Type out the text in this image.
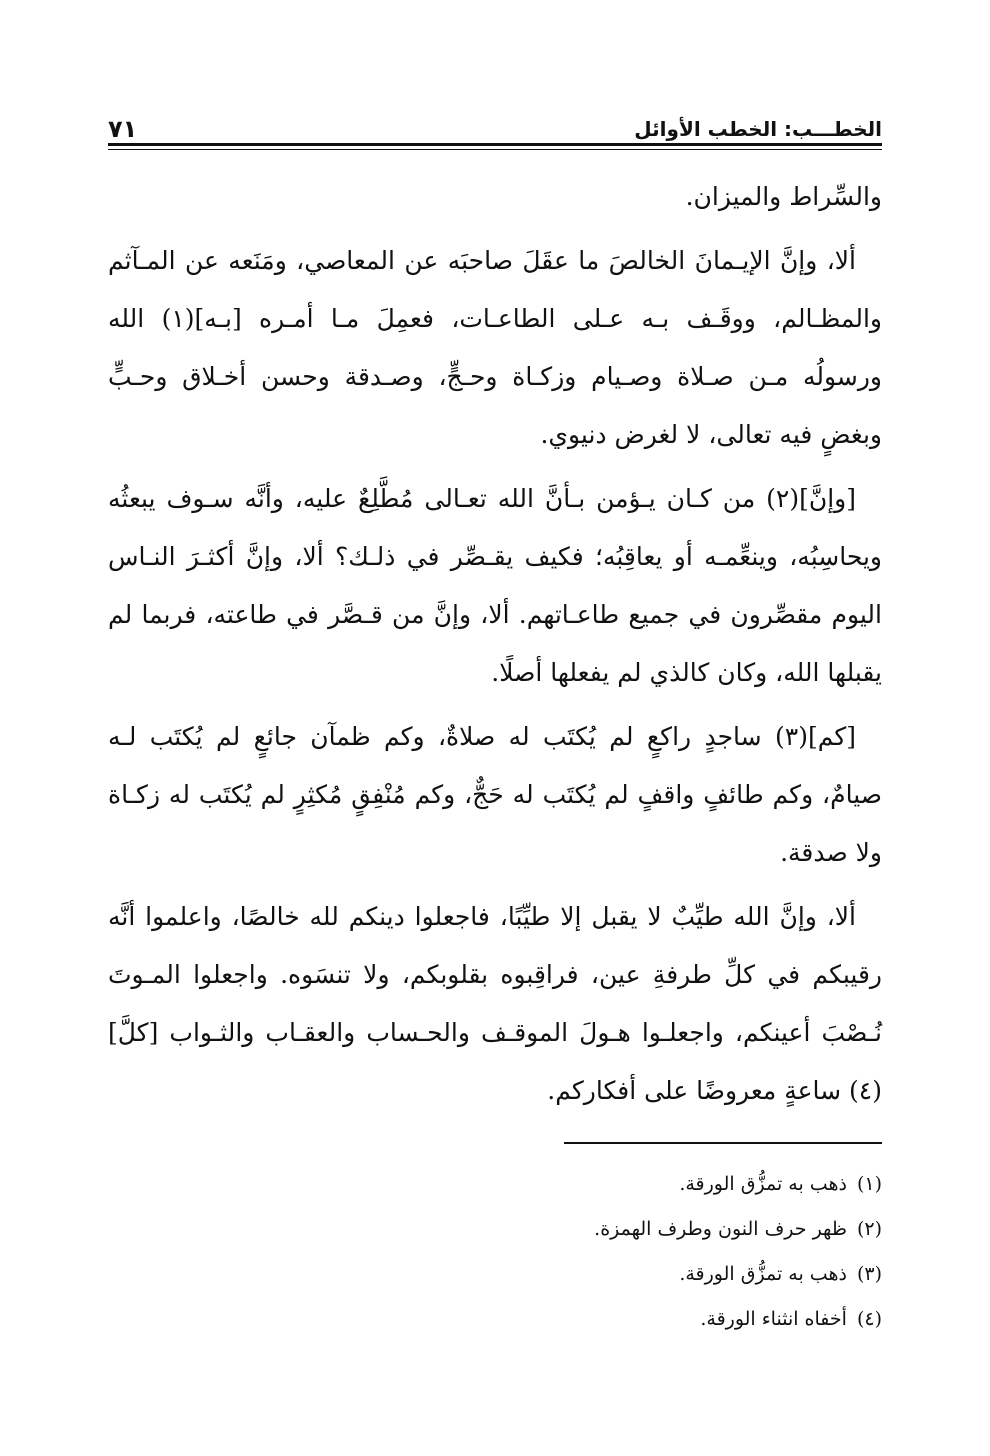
الخطـــب: الخطب الأوائل
٧١

والسِّراط والميزان.

ألا، وإنَّ الإيـمانَ الخالصَ ما عقَلَ صاحبَه عن المعاصي، ومَنَعه عن المـآثم والمظـالم، ووقَـف بـه عـلى الطاعـات، فعمِلَ مـا أمـره [بـه](١) الله ورسولُه مـن صـلاة وصـيام وزكـاة وحـجٍّ، وصـدقة وحسن أخـلاق وحـبٍّ وبغضٍ فيه تعالى، لا لغرض دنيوي.

[وإنَّ](٢) من كـان يـؤمن بـأنَّ الله تعـالى مُطَّلِعٌ عليه، وأنَّه سـوف يبعثُه ويحاسِبُه، وينعِّمـه أو يعاقِبُه؛ فكيف يقـصِّر في ذلـك؟ ألا، وإنَّ أكثـرَ النـاس اليوم مقصِّرون في جميع طاعـاتهم. ألا، وإنَّ من قـصَّر في طاعته، فربما لم يقبلها الله، وكان كالذي لم يفعلها أصلًا.

[كم](٣) ساجدٍ راكعٍ لم يُكتَب له صلاةٌ، وكم ظمآن جائعٍ لم يُكتَب لـه صيامٌ، وكم طائفٍ واقفٍ لم يُكتَب له حَجٌّ، وكم مُنْفِقٍ مُكثِرٍ لم يُكتَب له زكـاة ولا صدقة.

ألا، وإنَّ الله طيِّبٌ لا يقبل إلا طيِّبًا، فاجعلوا دينكم لله خالصًا، واعلموا أنَّه رقيبكم في كلِّ طرفةِ عين، فراقِبوه بقلوبكم، ولا تنسَوه. واجعلوا المـوتَ نُـصْبَ أعينكم، واجعلـوا هـولَ الموقـف والحـساب والعقـاب والثـواب [كلَّ](٤) ساعةٍ معروضًا على أفكاركم.

(١)
ذهب به تمزُّق الورقة.
(٢)
ظهر حرف النون وطرف الهمزة.
(٣)
ذهب به تمزُّق الورقة.
(٤)
أخفاه انثناء الورقة.
